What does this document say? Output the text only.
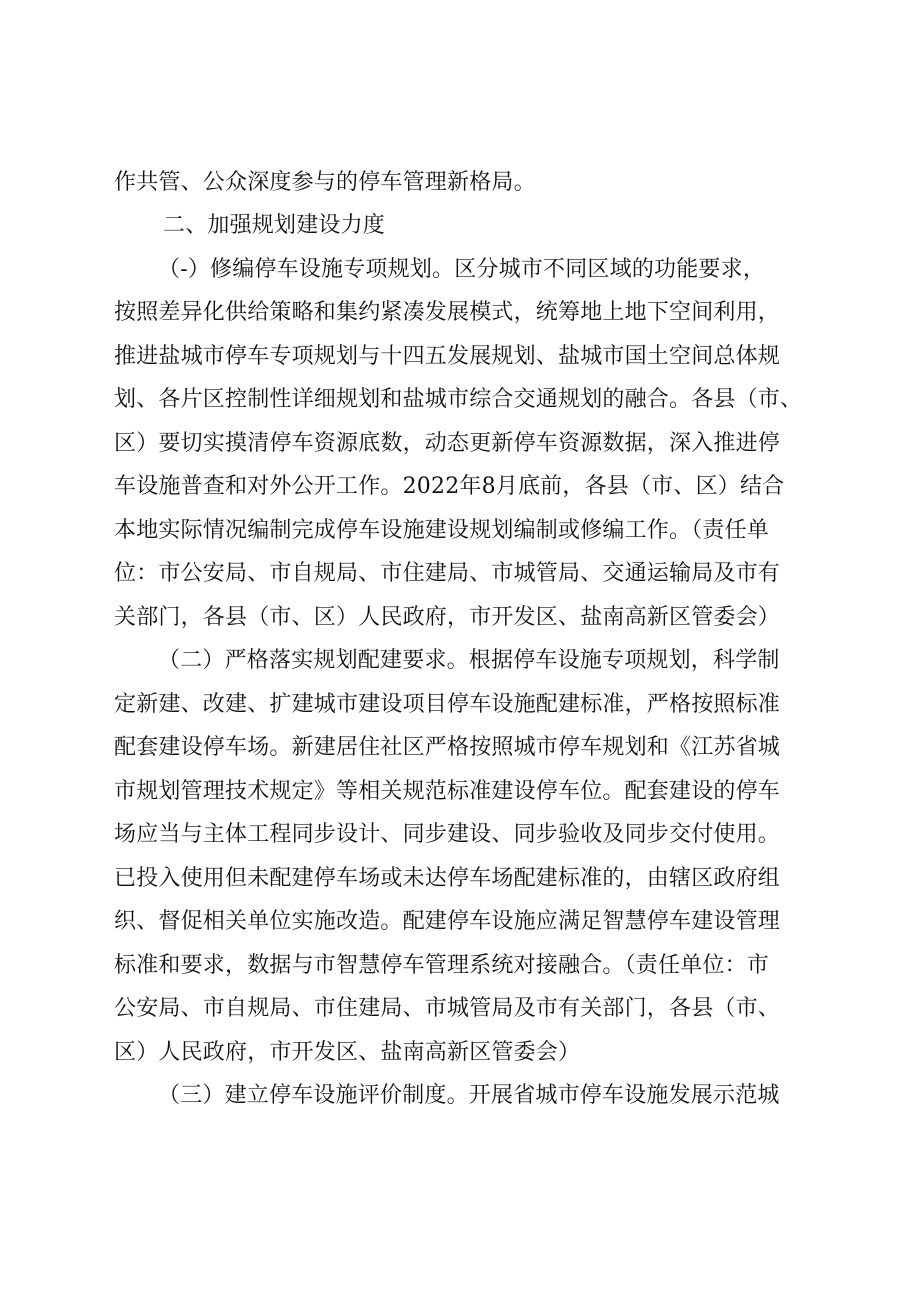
作共管、公众深度参与的停车管理新格局。
二、加强规划建设力度
（-）修编停车设施专项规划。区分城市不同区域的功能要求，
按照差异化供给策略和集约紧凑发展模式，统筹地上地下空间利用，
推进盐城市停车专项规划与十四五发展规划、盐城市国土空间总体规
划、各片区控制性详细规划和盐城市综合交通规划的融合。各县（市、
区）要切实摸清停车资源底数，动态更新停车资源数据，深入推进停
车设施普查和对外公开工作。2022年8月底前，各县（市、区）结合
本地实际情况编制完成停车设施建设规划编制或修编工作。（责任单
位：市公安局、市自规局、市住建局、市城管局、交通运输局及市有
关部门，各县（市、区）人民政府，市开发区、盐南高新区管委会）
（二）严格落实规划配建要求。根据停车设施专项规划，科学制
定新建、改建、扩建城市建设项目停车设施配建标准，严格按照标准
配套建设停车场。新建居住社区严格按照城市停车规划和《江苏省城
市规划管理技术规定》等相关规范标准建设停车位。配套建设的停车
场应当与主体工程同步设计、同步建设、同步验收及同步交付使用。
已投入使用但未配建停车场或未达停车场配建标准的，由辖区政府组
织、督促相关单位实施改造。配建停车设施应满足智慧停车建设管理
标准和要求，数据与市智慧停车管理系统对接融合。（责任单位：市
公安局、市自规局、市住建局、市城管局及市有关部门，各县（市、
区）人民政府，市开发区、盐南高新区管委会）
（三）建立停车设施评价制度。开展省城市停车设施发展示范城
